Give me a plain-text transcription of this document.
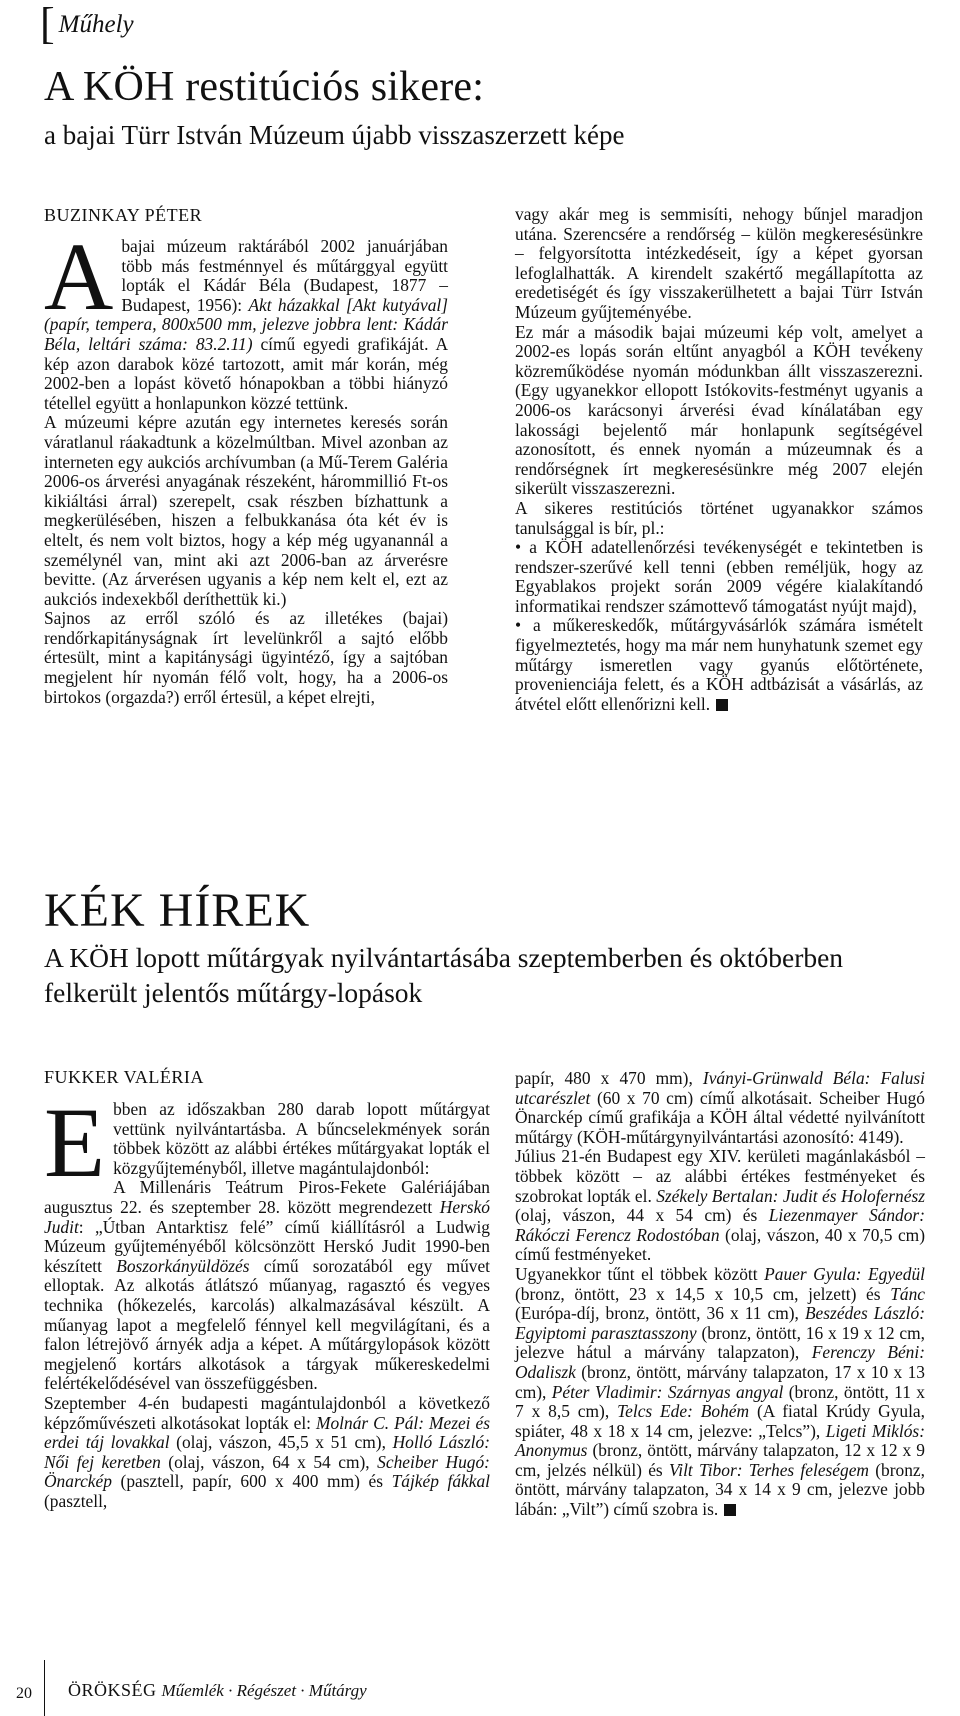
[ Műhely
A KÖH restitúciós sikere:
a bajai Türr István Múzeum újabb visszaszerzett képe
BUZINKAY PÉTER

Abajai múzeum raktárából 2002 januárjában több más festménnyel és műtárggyal együtt lopták el Kádár Béla (Budapest, 1877 – Budapest, 1956): Akt házakkal [Akt kutyával] (papír, tempera, 800x500 mm, jelezve jobbra lent: Kádár Béla, leltári száma: 83.2.11) című egyedi grafikáját. A kép azon darabok közé tartozott, amit már korán, még 2002-ben a lopást követő hónapokban a többi hiányzó tétellel együtt a honlapunkon közzé tettünk.

A múzeumi képre azután egy internetes keresés során váratlanul ráakadtunk a közelmúltban. Mivel azonban az interneten egy aukciós archívumban (a Mű-Terem Galéria 2006-os árverési anyagának részeként, hárommillió Ft-os kikiáltási árral) szerepelt, csak részben bízhattunk a megkerülésében, hiszen a felbukkanása óta két év is eltelt, és nem volt biztos, hogy a kép még ugyanannál a személynél van, mint aki azt 2006-ban az árverésre bevitte. (Az árverésen ugyanis a kép nem kelt el, ezt az aukciós indexekből deríthettük ki.)

Sajnos az erről szóló és az illetékes (bajai) rendőrkapitányságnak írt levelünkről a sajtó előbb értesült, mint a kapitánysági ügyintéző, így a sajtóban megjelent hír nyomán félő volt, hogy, ha a 2006-os birtokos (orgazda?) erről értesül, a képet elrejti,

vagy akár meg is semmisíti, nehogy bűnjel maradjon utána. Szerencsére a rendőrség – külön megkeresésünkre – felgyorsította intézkedéseit, így a képet gyorsan lefoglalhatták. A kirendelt szakértő megállapította az eredetiségét és így visszakerülhetett a bajai Türr István Múzeum gyűjteményébe.

Ez már a második bajai múzeumi kép volt, amelyet a 2002-es lopás során eltűnt anyagból a KÖH tevékeny közreműködése nyomán módunkban állt visszaszerezni. (Egy ugyanekkor ellopott Istókovits-festményt ugyanis a 2006-os karácsonyi árverési évad kínálatában egy lakossági bejelentő már honlapunk segítségével azonosított, és ennek nyomán a múzeumnak és a rendőrségnek írt megkeresésünkre még 2007 elején sikerült visszaszerezni.

A sikeres restitúciós történet ugyanakkor számos tanulsággal is bír, pl.:

• a KÖH adatellenőrzési tevékenységét e tekintetben is rendszer-szerűvé kell tenni (ebben reméljük, hogy az Egyablakos projekt során 2009 végére kialakítandó informatikai rendszer számottevő támogatást nyújt majd),

• a műkereskedők, műtárgyvásárlók számára ismételt figyelmeztetés, hogy ma már nem hunyhatunk szemet egy műtárgy ismeretlen vagy gyanús előtörténete, provenienciája felett, és a KÖH adtbázisát a vásárlás, az átvétel előtt ellenőrizni kell.

KÉK HÍREK
A KÖH lopott műtárgyak nyilvántartásába szeptemberben és októberben felkerült jelentős műtárgy-lopások
FUKKER VALÉRIA

Ebben az időszakban 280 darab lopott műtárgyat vettünk nyilvántartásba. A bűncselekmények során többek között az alábbi értékes műtárgyakat lopták el közgyűjteményből, illetve magántulajdonból:
A Millenáris Teátrum Piros-Fekete Galériájában augusztus 22. és szeptember 28. között megrendezett Herskó Judit: „Útban Antarktisz felé” című kiállításról a Ludwig Múzeum gyűjteményéből kölcsönzött Herskó Judit 1990-ben készített Boszorkányüldözés című sorozatából egy művet elloptak. Az alkotás átlátszó műanyag, ragasztó és vegyes technika (hőkezelés, karcolás) alkalmazásával készült. A műanyag lapot a megfelelő fénnyel kell megvilágítani, és a falon létrejövő árnyék adja a képet. A műtárgylopások között megjelenő kortárs alkotások a tárgyak műkereskedelmi felértékelődésével van összefüggésben.
Szeptember 4-én budapesti magántulajdonból a következő képzőművészeti alkotásokat lopták el: Molnár C. Pál: Mezei és erdei táj lovakkal (olaj, vászon, 45,5 x 51 cm), Holló László: Női fej keretben (olaj, vászon, 64 x 54 cm), Scheiber Hugó: Önarckép (pasztell, papír, 600 x 400 mm) és Tájkép fákkal (pasztell,

papír, 480 x 470 mm), Iványi-Grünwald Béla: Falusi utcarészlet (60 x 70 cm) című alkotásait. Scheiber Hugó Önarckép című grafikája a KÖH által védetté nyilvánított műtárgy (KÖH-műtárgynyilvántartási azonosító: 4149).
Július 21-én Budapest egy XIV. kerületi magánlakásból – többek között – az alábbi értékes festményeket és szobrokat lopták el. Székely Bertalan: Judit és Holofernész (olaj, vászon, 44 x 54 cm) és Liezenmayer Sándor: Rákóczi Ferencz Rodostóban (olaj, vászon, 40 x 70,5 cm) című festményeket.
Ugyanekkor tűnt el többek között Pauer Gyula: Egyedül (bronz, öntött, 23 x 14,5 x 10,5 cm, jelzett) és Tánc (Európa-díj, bronz, öntött, 36 x 11 cm), Beszédes László: Egyiptomi parasztasszony (bronz, öntött, 16 x 19 x 12 cm, jelezve hátul a márvány talapzaton), Ferenczy Béni: Odaliszk (bronz, öntött, márvány talapzaton, 17 x 10 x 13 cm), Péter Vladimir: Szárnyas angyal (bronz, öntött, 11 x 7 x 8,5 cm), Telcs Ede: Bohém (A fiatal Krúdy Gyula, spiáter, 48 x 18 x 14 cm, jelezve: „Telcs”), Ligeti Miklós: Anonymus (bronz, öntött, márvány talapzaton, 12 x 12 x 9 cm, jelzés nélkül) és Vilt Tibor: Terhes feleségem (bronz, öntött, márvány talapzaton, 34 x 14 x 9 cm, jelezve jobb lábán: „Vilt”) című szobra is.

20 ÖRÖKSÉG Műemlék · Régészet · Műtárgy
